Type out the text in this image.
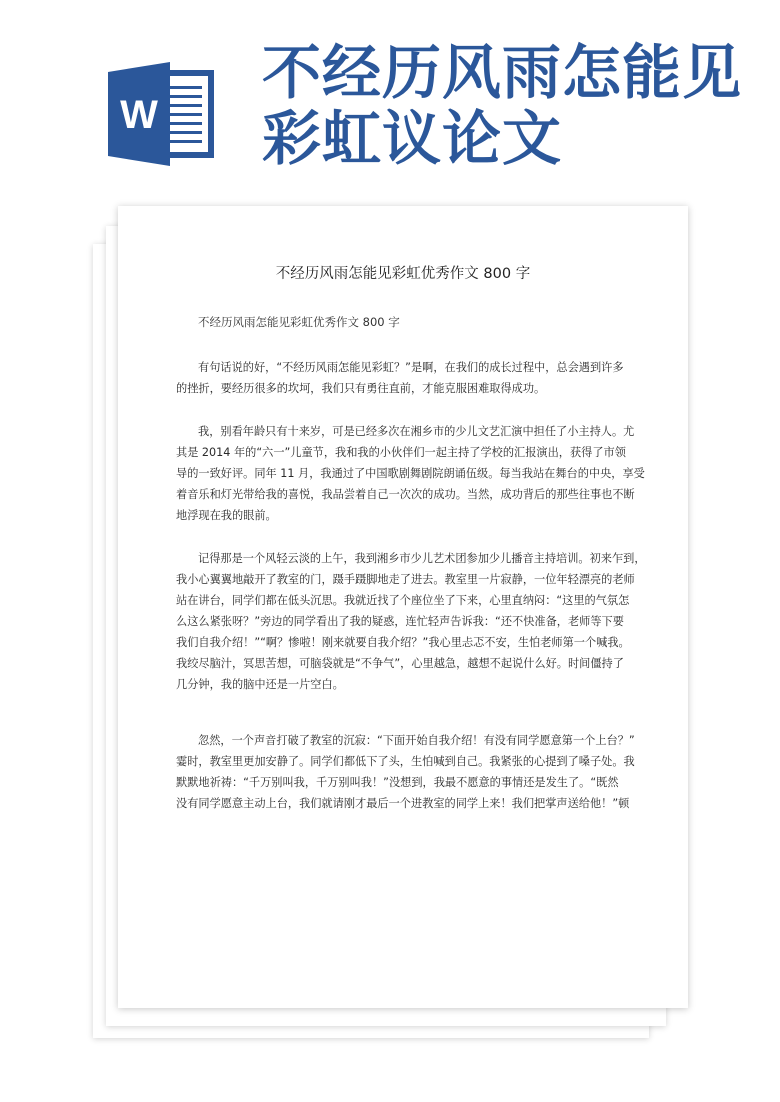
W
不经历风雨怎能见
彩虹议论文
不经历风雨怎能见彩虹优秀作文 800 字
不经历风雨怎能见彩虹优秀作文 800 字
有句话说的好，“不经历风雨怎能见彩虹？”是啊，在我们的成长过程中，总会遇到许多
的挫折，要经历很多的坎坷，我们只有勇往直前，才能克服困难取得成功。
我，别看年龄只有十来岁，可是已经多次在湘乡市的少儿文艺汇演中担任了小主持人。尤
其是 2014 年的“六一”儿童节，我和我的小伙伴们一起主持了学校的汇报演出，获得了市领
导的一致好评。同年 11 月，我通过了中国歌剧舞剧院朗诵伍级。每当我站在舞台的中央，享受
着音乐和灯光带给我的喜悦，我品尝着自己一次次的成功。当然，成功背后的那些往事也不断
地浮现在我的眼前。
记得那是一个风轻云淡的上午，我到湘乡市少儿艺术团参加少儿播音主持培训。初来乍到，
我小心翼翼地敲开了教室的门，蹑手蹑脚地走了进去。教室里一片寂静，一位年轻漂亮的老师
站在讲台，同学们都在低头沉思。我就近找了个座位坐了下来，心里直纳闷：“这里的气氛怎
么这么紧张呀？”旁边的同学看出了我的疑惑，连忙轻声告诉我：“还不快准备，老师等下要
我们自我介绍！”“啊？惨啦！刚来就要自我介绍？”我心里忐忑不安，生怕老师第一个喊我。
我绞尽脑汁，冥思苦想，可脑袋就是“不争气”，心里越急，越想不起说什么好。时间僵持了
几分钟，我的脑中还是一片空白。
忽然，一个声音打破了教室的沉寂：“下面开始自我介绍！有没有同学愿意第一个上台？”
霎时，教室里更加安静了。同学们都低下了头，生怕喊到自己。我紧张的心提到了嗓子处。我
默默地祈祷：“千万别叫我，千万别叫我！”没想到，我最不愿意的事情还是发生了。“既然
没有同学愿意主动上台，我们就请刚才最后一个进教室的同学上来！我们把掌声送给他！”顿
